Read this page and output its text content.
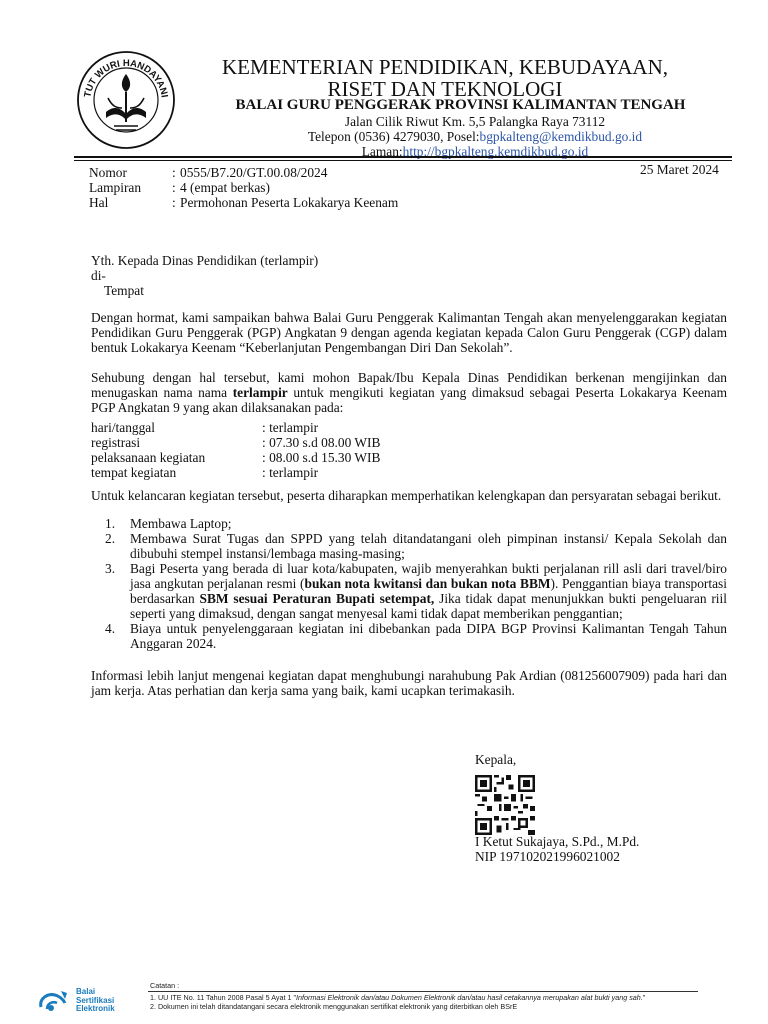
TUT WURI HANDAYANI
KEMENTERIAN PENDIDIKAN, KEBUDAYAAN,
RISET DAN TEKNOLOGI
BALAI GURU PENGGERAK PROVINSI KALIMANTAN TENGAH
Jalan Cilik Riwut Km. 5,5 Palangka Raya 73112
Telepon (0536) 4279030, Posel:bgpkalteng@kemdikbud.go.id
Laman:http://bgpkalteng.kemdikbud.go.id
25 Maret 2024
Nomor	:	0555/B7.20/GT.00.08/2024
Lampiran	:	4 (empat berkas)
Hal	:	Permohonan Peserta Lokakarya Keenam
Yth. Kepada Dinas Pendidikan (terlampir)
di-
Tempat
Dengan hormat, kami sampaikan bahwa Balai Guru Penggerak Kalimantan Tengah akan menyelenggarakan kegiatan Pendidikan Guru Penggerak (PGP) Angkatan 9 dengan agenda kegiatan kepada Calon Guru Penggerak (CGP) dalam bentuk Lokakarya Keenam “Keberlanjutan Pengembangan Diri Dan Sekolah”.
Sehubung dengan hal tersebut, kami mohon Bapak/Ibu Kepala Dinas Pendidikan berkenan mengijinkan dan menugaskan nama nama terlampir untuk mengikuti kegiatan yang dimaksud sebagai Peserta Lokakarya Keenam PGP Angkatan 9 yang akan dilaksanakan pada:
hari/tanggal	: terlampir
registrasi	: 07.30 s.d 08.00 WIB
pelaksanaan kegiatan	: 08.00 s.d 15.30 WIB
tempat kegiatan	: terlampir
Untuk kelancaran kegiatan tersebut, peserta diharapkan memperhatikan kelengkapan dan persyaratan sebagai berikut.
1. Membawa Laptop;
2. Membawa Surat Tugas dan SPPD yang telah ditandatangani oleh pimpinan instansi/ Kepala Sekolah dan dibubuhi stempel instansi/lembaga masing-masing;
3. Bagi Peserta yang berada di luar kota/kabupaten, wajib menyerahkan bukti perjalanan rill asli dari travel/biro jasa angkutan perjalanan resmi (bukan nota kwitansi dan bukan nota BBM). Penggantian biaya transportasi berdasarkan SBM sesuai Peraturan Bupati setempat, Jika tidak dapat menunjukkan bukti pengeluaran riil seperti yang dimaksud, dengan sangat menyesal kami tidak dapat memberikan penggantian;
4. Biaya untuk penyelenggaraan kegiatan ini dibebankan pada DIPA BGP Provinsi Kalimantan Tengah Tahun Anggaran 2024.
Informasi lebih lanjut mengenai kegiatan dapat menghubungi narahubung Pak Ardian (081256007909) pada hari dan jam kerja. Atas perhatian dan kerja sama yang baik, kami ucapkan terimakasih.
Kepala,
I Ketut Sukajaya, S.Pd., M.Pd.
NIP 197102021996021002
Balai
Sertifikasi
Elektronik
Catatan :
1. UU ITE No. 11 Tahun 2008 Pasal 5 Ayat 1 "Informasi Elektronik dan/atau Dokumen Elektronik dan/atau hasil cetakannya merupakan alat bukti yang sah."
2. Dokumen ini telah ditandatangani secara elektronik menggunakan sertifikat elektronik yang diterbitkan oleh BSrE
